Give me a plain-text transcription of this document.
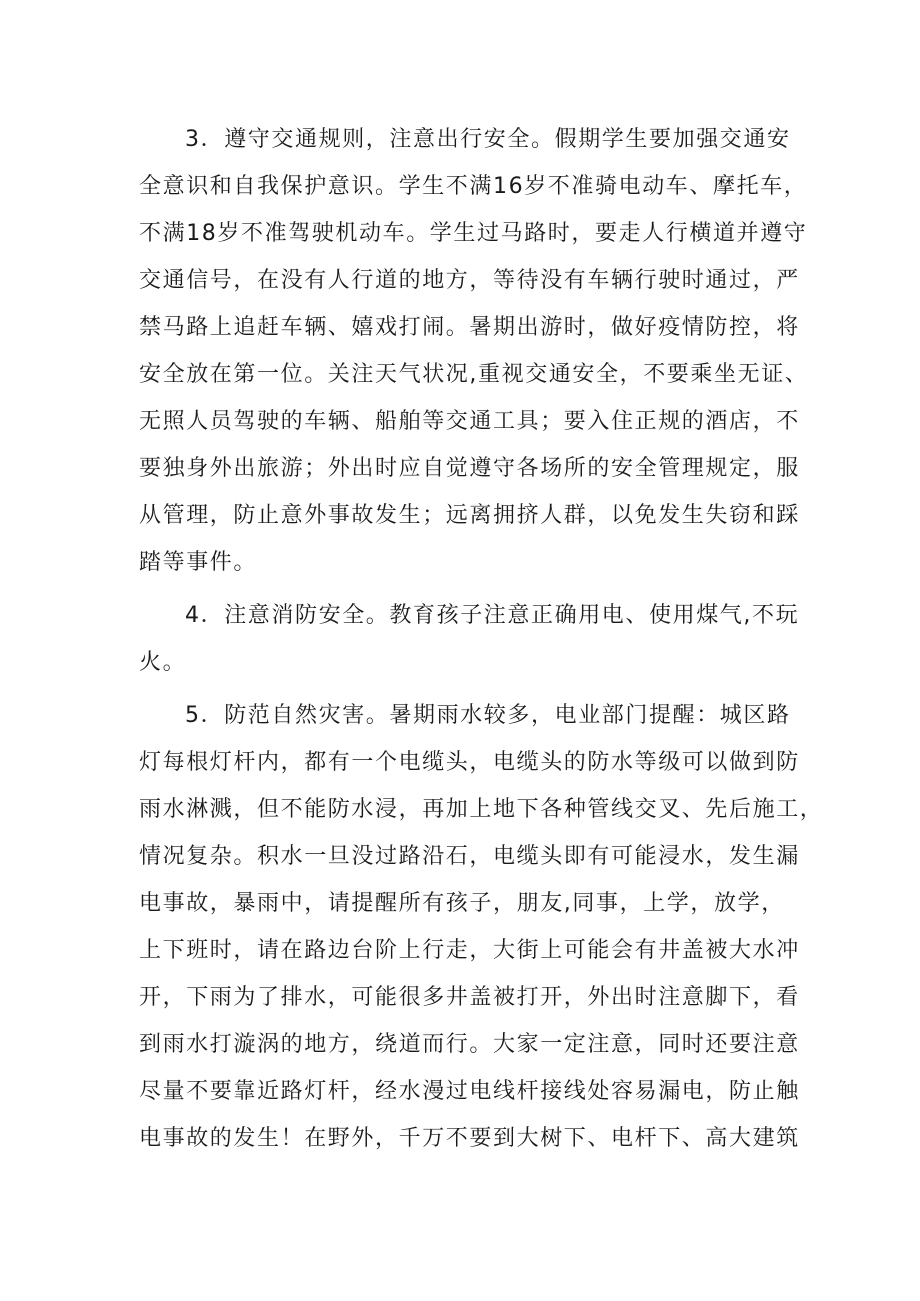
3．遵守交通规则，注意出行安全。假期学生要加强交通安
全意识和自我保护意识。学生不满16岁不准骑电动车、摩托车，
不满18岁不准驾驶机动车。学生过马路时，要走人行横道并遵守
交通信号，在没有人行道的地方，等待没有车辆行驶时通过，严
禁马路上追赶车辆、嬉戏打闹。暑期出游时，做好疫情防控，将
安全放在第一位。关注天气状况,重视交通安全，不要乘坐无证、
无照人员驾驶的车辆、船舶等交通工具；要入住正规的酒店，不
要独身外出旅游；外出时应自觉遵守各场所的安全管理规定，服
从管理，防止意外事故发生；远离拥挤人群，以免发生失窃和踩
踏等事件。
4．注意消防安全。教育孩子注意正确用电、使用煤气,不玩
火。
5．防范自然灾害。暑期雨水较多，电业部门提醒：城区路
灯每根灯杆内，都有一个电缆头，电缆头的防水等级可以做到防
雨水淋溅，但不能防水浸，再加上地下各种管线交叉、先后施工，
情况复杂。积水一旦没过路沿石，电缆头即有可能浸水，发生漏
电事故，暴雨中，请提醒所有孩子，朋友,同事，上学，放学，
上下班时，请在路边台阶上行走，大街上可能会有井盖被大水冲
开，下雨为了排水，可能很多井盖被打开，外出时注意脚下，看
到雨水打漩涡的地方，绕道而行。大家一定注意，同时还要注意
尽量不要靠近路灯杆，经水漫过电线杆接线处容易漏电，防止触
电事故的发生！在野外，千万不要到大树下、电杆下、高大建筑
